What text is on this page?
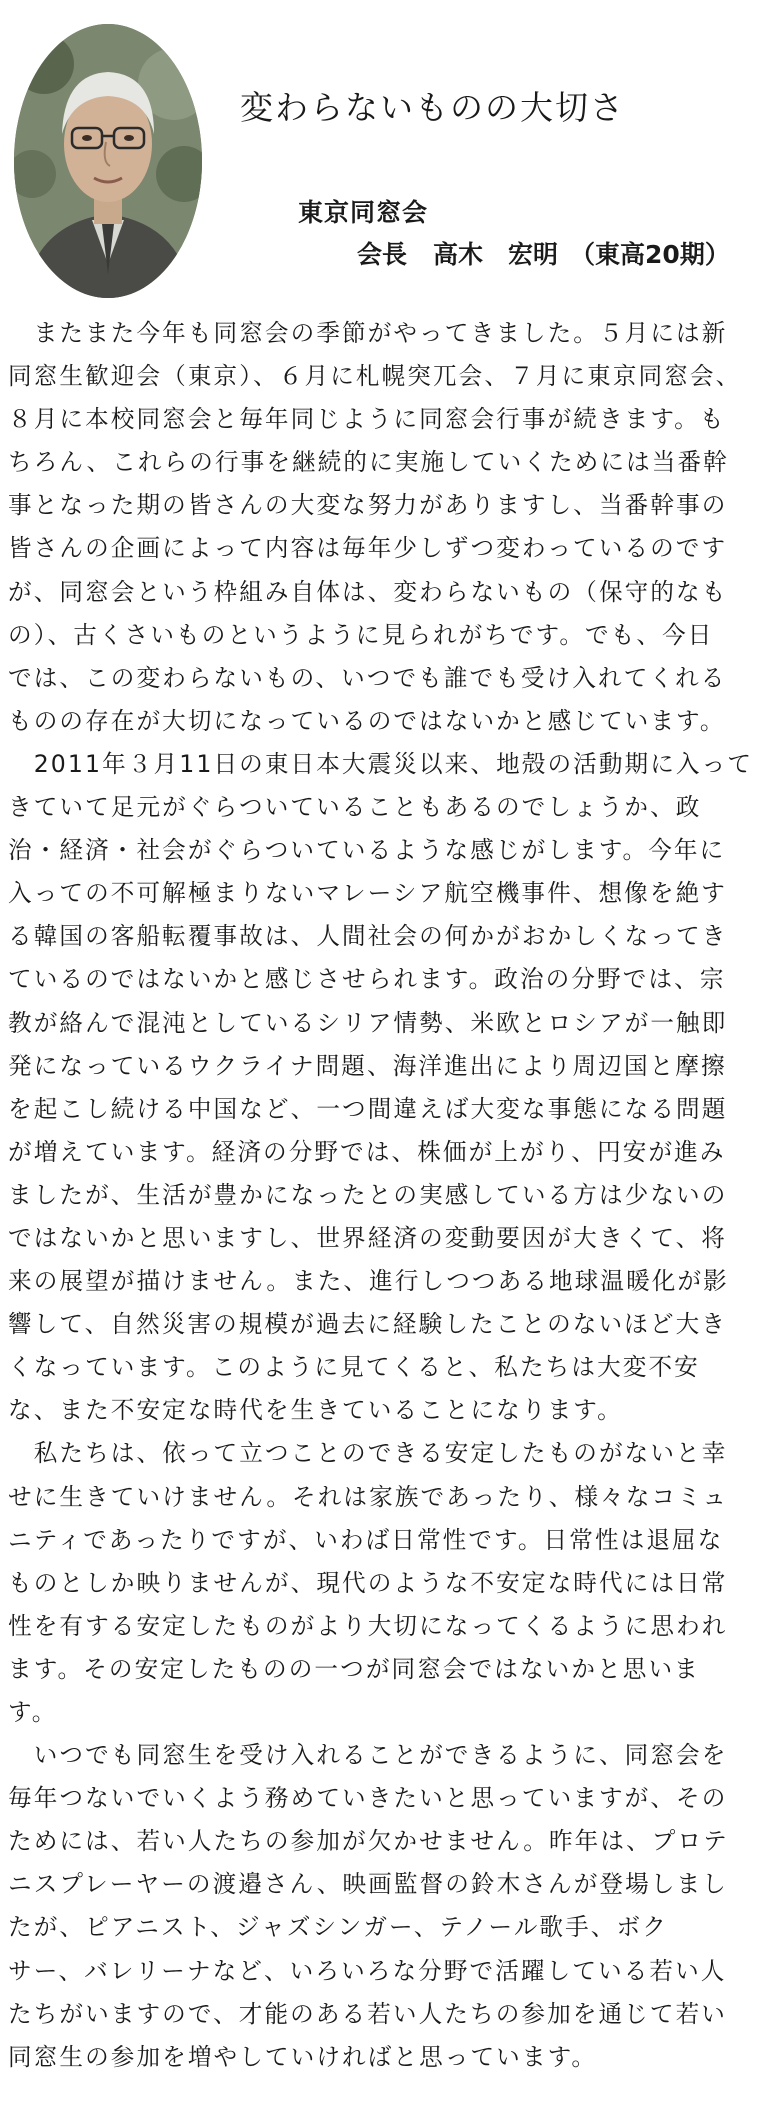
変わらないものの大切さ
東京同窓会
会長 高木　宏明 （東高20期）
　またまた今年も同窓会の季節がやってきました。５月には新
同窓生歓迎会（東京）、６月に札幌突兀会、７月に東京同窓会、
８月に本校同窓会と毎年同じように同窓会行事が続きます。も
ちろん、これらの行事を継続的に実施していくためには当番幹
事となった期の皆さんの大変な努力がありますし、当番幹事の
皆さんの企画によって内容は毎年少しずつ変わっているのです
が、同窓会という枠組み自体は、変わらないもの（保守的なも
の）、古くさいものというように見られがちです。でも、今日
では、この変わらないもの、いつでも誰でも受け入れてくれる
ものの存在が大切になっているのではないかと感じています。
　2011年３月11日の東日本大震災以来、地殻の活動期に入って
きていて足元がぐらついていることもあるのでしょうか、政
治・経済・社会がぐらついているような感じがします。今年に
入っての不可解極まりないマレーシア航空機事件、想像を絶す
る韓国の客船転覆事故は、人間社会の何かがおかしくなってき
ているのではないかと感じさせられます。政治の分野では、宗
教が絡んで混沌としているシリア情勢、米欧とロシアが一触即
発になっているウクライナ問題、海洋進出により周辺国と摩擦
を起こし続ける中国など、一つ間違えば大変な事態になる問題
が増えています。経済の分野では、株価が上がり、円安が進み
ましたが、生活が豊かになったとの実感している方は少ないの
ではないかと思いますし、世界経済の変動要因が大きくて、将
来の展望が描けません。また、進行しつつある地球温暖化が影
響して、自然災害の規模が過去に経験したことのないほど大き
くなっています。このように見てくると、私たちは大変不安
な、また不安定な時代を生きていることになります。
　私たちは、依って立つことのできる安定したものがないと幸
せに生きていけません。それは家族であったり、様々なコミュ
ニティであったりですが、いわば日常性です。日常性は退屈な
ものとしか映りませんが、現代のような不安定な時代には日常
性を有する安定したものがより大切になってくるように思われ
ます。その安定したものの一つが同窓会ではないかと思いま
す。
　いつでも同窓生を受け入れることができるように、同窓会を
毎年つないでいくよう務めていきたいと思っていますが、その
ためには、若い人たちの参加が欠かせません。昨年は、プロテ
ニスプレーヤーの渡邉さん、映画監督の鈴木さんが登場しまし
たが、ピアニスト、ジャズシンガー、テノール歌手、ボク
サー、バレリーナなど、いろいろな分野で活躍している若い人
たちがいますので、才能のある若い人たちの参加を通じて若い
同窓生の参加を増やしていければと思っています。
